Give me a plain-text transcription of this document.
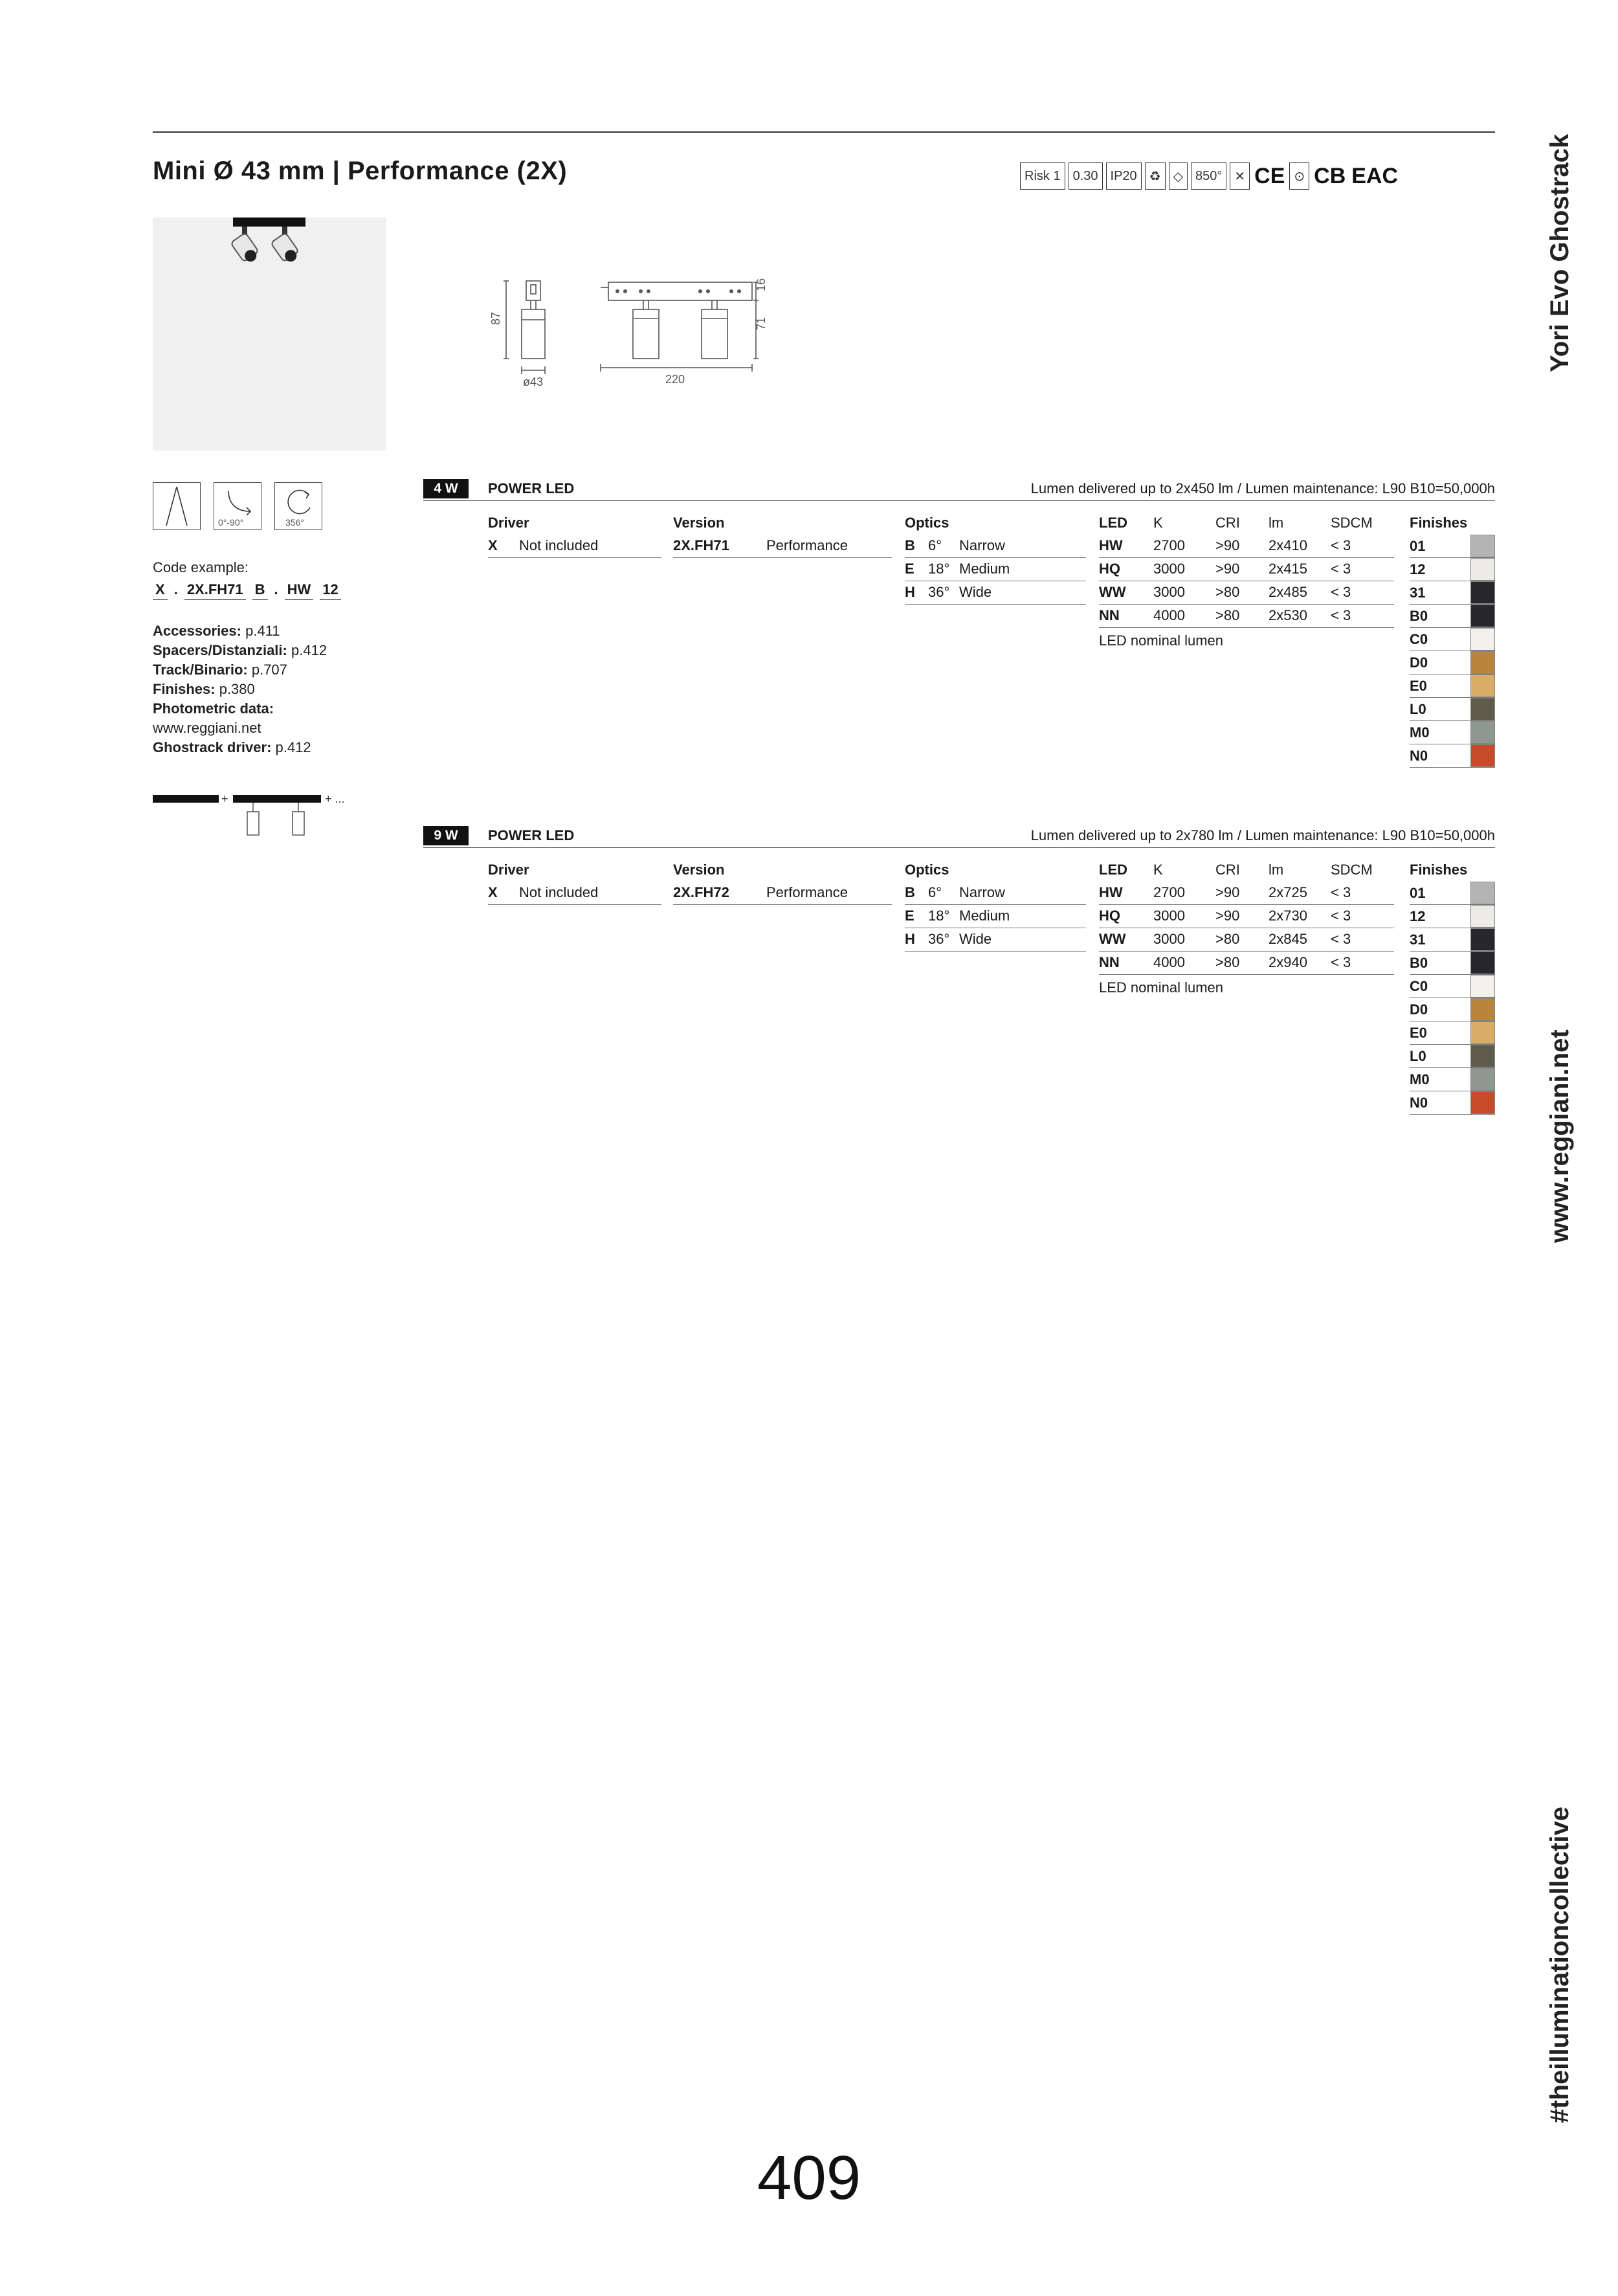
Mini Ø 43 mm | Performance (2X)	Risk 1 0.30 IP20 ♻ ◇ 850° ✕ CE ⊙ CB EAC	Yori Evo Ghostrack
www.reggiani.net
#theilluminationcollective
87
ø43	220
16
71
0°-90°	356°
Code example:
X . 2X.FH71 B . HW 12
Accessories: p.411
Spacers/Distanziali: p.412
Track/Binario: p.707
Finishes: p.380
Photometric data:
www.reggiani.net
Ghostrack driver: p.412
+	+ ...
4 W	POWER LED	Lumen delivered up to 2x450 lm / Lumen maintenance: L90 B10=50,000h
Driver
X	Not included
Version
2X.FH71	Performance
Optics
B 6°	Narrow
E 18° Medium
H 36° Wide
LED	K	CRI	lm	SDCM
HW	2700	>90	2x410	< 3
HQ	3000	>90	2x415	< 3
WW	3000	>80	2x485	< 3
NN	4000	>80	2x530	< 3
LED nominal lumen
Finishes
01
12
31
B0
C0
D0
E0
L0
M0
N0
9 W	POWER LED	Lumen delivered up to 2x780 lm / Lumen maintenance: L90 B10=50,000h
Driver
X	Not included
Version
2X.FH72	Performance
Optics
B 6°	Narrow
E 18° Medium
H 36° Wide
LED	K	CRI	lm	SDCM
HW	2700	>90	2x725	< 3
HQ	3000	>90	2x730	< 3
WW	3000	>80	2x845	< 3
NN	4000	>80	2x940	< 3
LED nominal lumen
Finishes
01
12
31
B0
C0
D0
E0
L0
M0
N0
409
